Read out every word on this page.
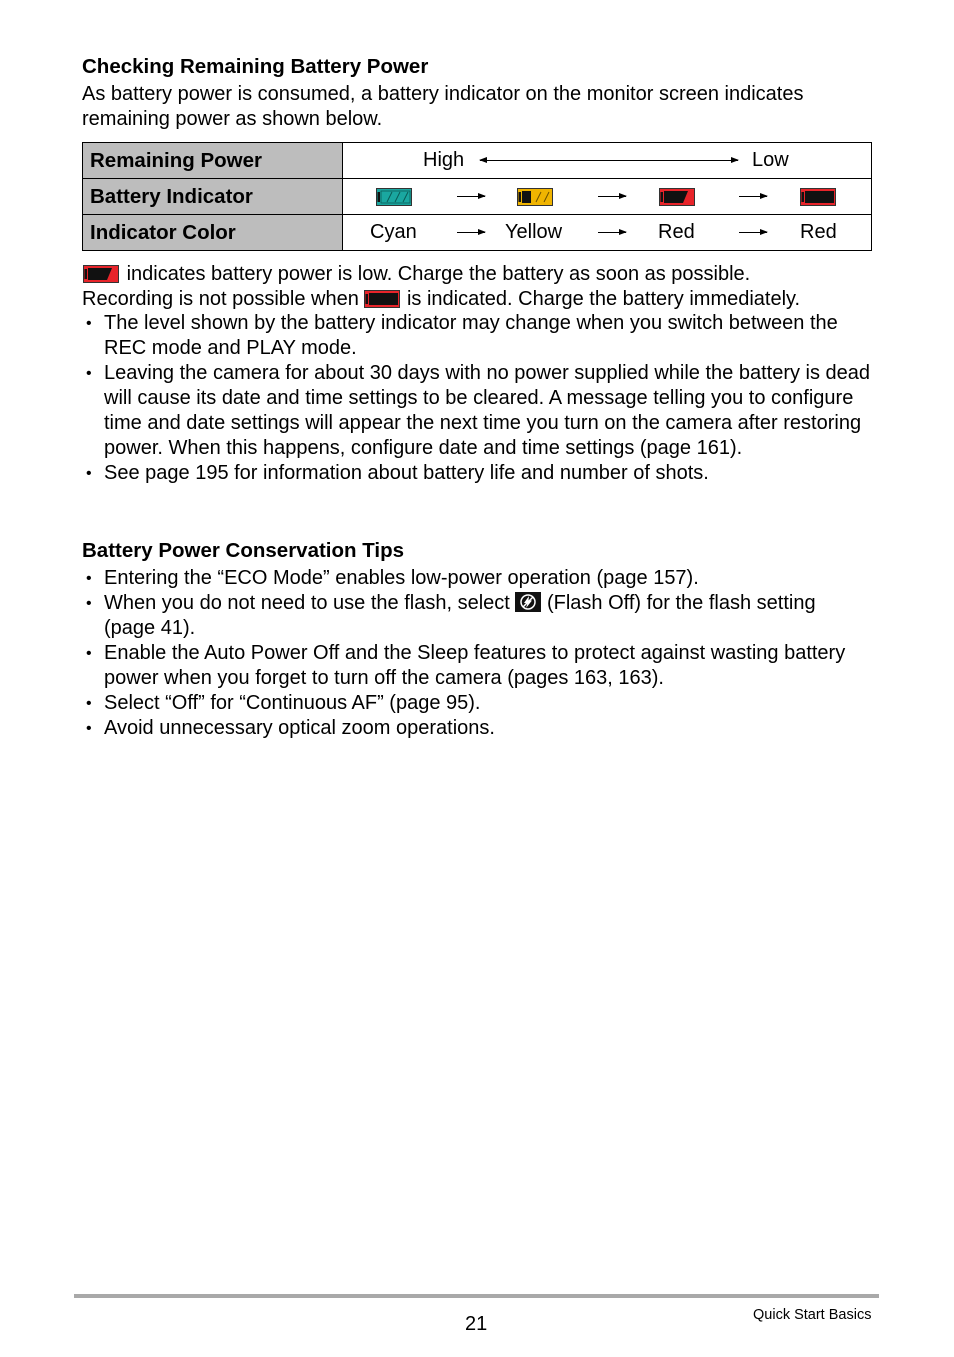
Checking Remaining Battery Power

As battery power is consumed, a battery indicator on the monitor screen indicates remaining power as shown below.

Remaining Power	High Low

Battery Indicator	

Indicator Color	Cyan Yellow Red Red

indicates battery power is low. Charge the battery as soon as possible.

Recording is not possible when is indicated. Charge the battery immediately.

• The level shown by the battery indicator may change when you switch between the REC mode and PLAY mode.
• Leaving the camera for about 30 days with no power supplied while the battery is dead will cause its date and time settings to be cleared. A message telling you to configure time and date settings will appear the next time you turn on the camera after restoring power. When this happens, configure date and time settings (page 161).
• See page 195 for information about battery life and number of shots.
Battery Power Conservation Tips
• Entering the “ECO Mode” enables low-power operation (page 157).
• When you do not need to use the flash, select (Flash Off) for the flash setting (page 41).
• Enable the Auto Power Off and the Sleep features to protect against wasting battery power when you forget to turn off the camera (pages 163, 163).
• Select “Off” for “Continuous AF” (page 95).
• Avoid unnecessary optical zoom operations.
21	Quick Start Basics
